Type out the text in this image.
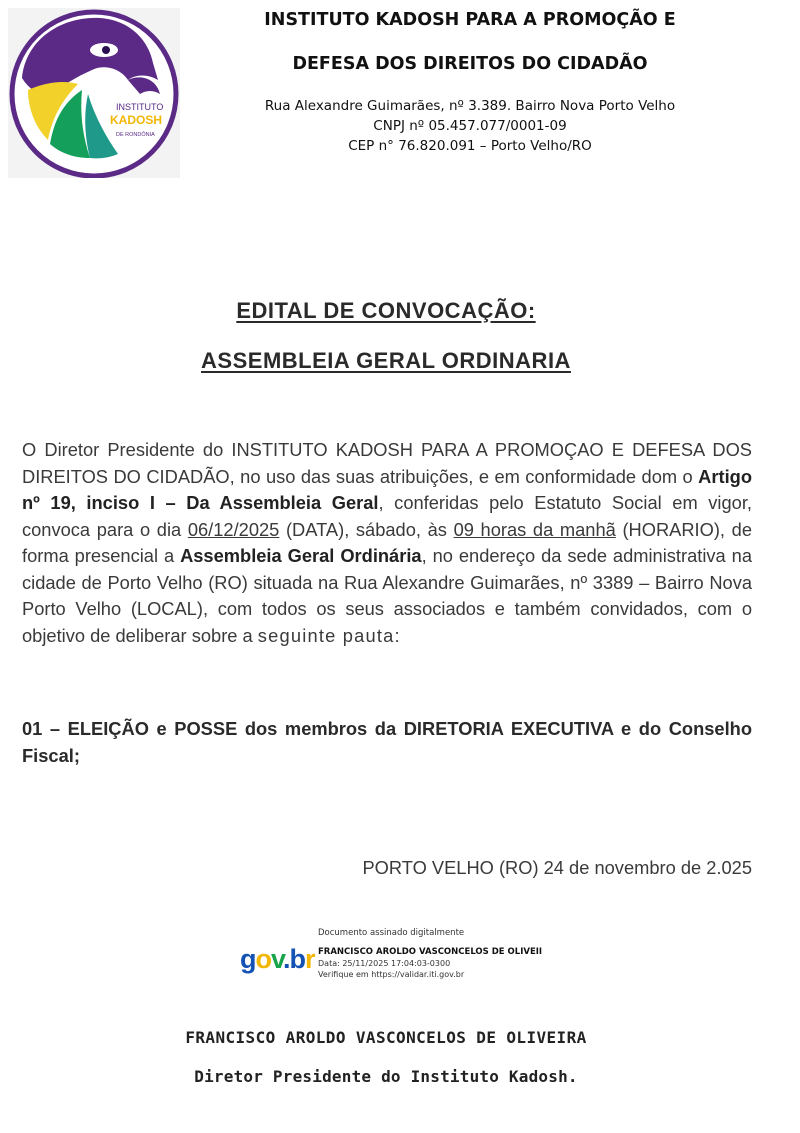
INSTITUTO
KADOSH
DE RONDÔNIA
INSTITUTO KADOSH PARA A PROMOÇÃO E
DEFESA DOS DIREITOS DO CIDADÃO
Rua Alexandre Guimarães, nº 3.389. Bairro Nova Porto Velho
CNPJ nº 05.457.077/0001-09
CEP n° 76.820.091 – Porto Velho/RO
EDITAL DE CONVOCAÇÃO:
ASSEMBLEIA GERAL ORDINARIA
O Diretor Presidente do INSTITUTO KADOSH PARA A PROMOÇAO E DEFESA DOS DIREITOS DO CIDADÃO, no uso das suas atribuições, e em conformidade dom o Artigo nº 19, inciso I – Da Assembleia Geral, conferidas pelo Estatuto Social em vigor, convoca para o dia 06/12/2025 (DATA), sábado, às 09 horas da manhã (HORARIO), de forma presencial a Assembleia Geral Ordinária, no endereço da sede administrativa na cidade de Porto Velho (RO) situada na Rua Alexandre Guimarães, nº 3389 – Bairro Nova Porto Velho (LOCAL), com todos os seus associados e também convidados, com o objetivo de deliberar sobre a seguinte pauta:
01 – ELEIÇÃO e POSSE dos membros da DIRETORIA EXECUTIVA e do Conselho Fiscal;
PORTO VELHO (RO) 24 de novembro de 2.025
gov.br
Documento assinado digitalmente
FRANCISCO AROLDO VASCONCELOS DE OLIVEII
Data: 25/11/2025 17:04:03-0300
Verifique em https://validar.iti.gov.br
FRANCISCO AROLDO VASCONCELOS DE OLIVEIRA
Diretor Presidente do Instituto Kadosh.
